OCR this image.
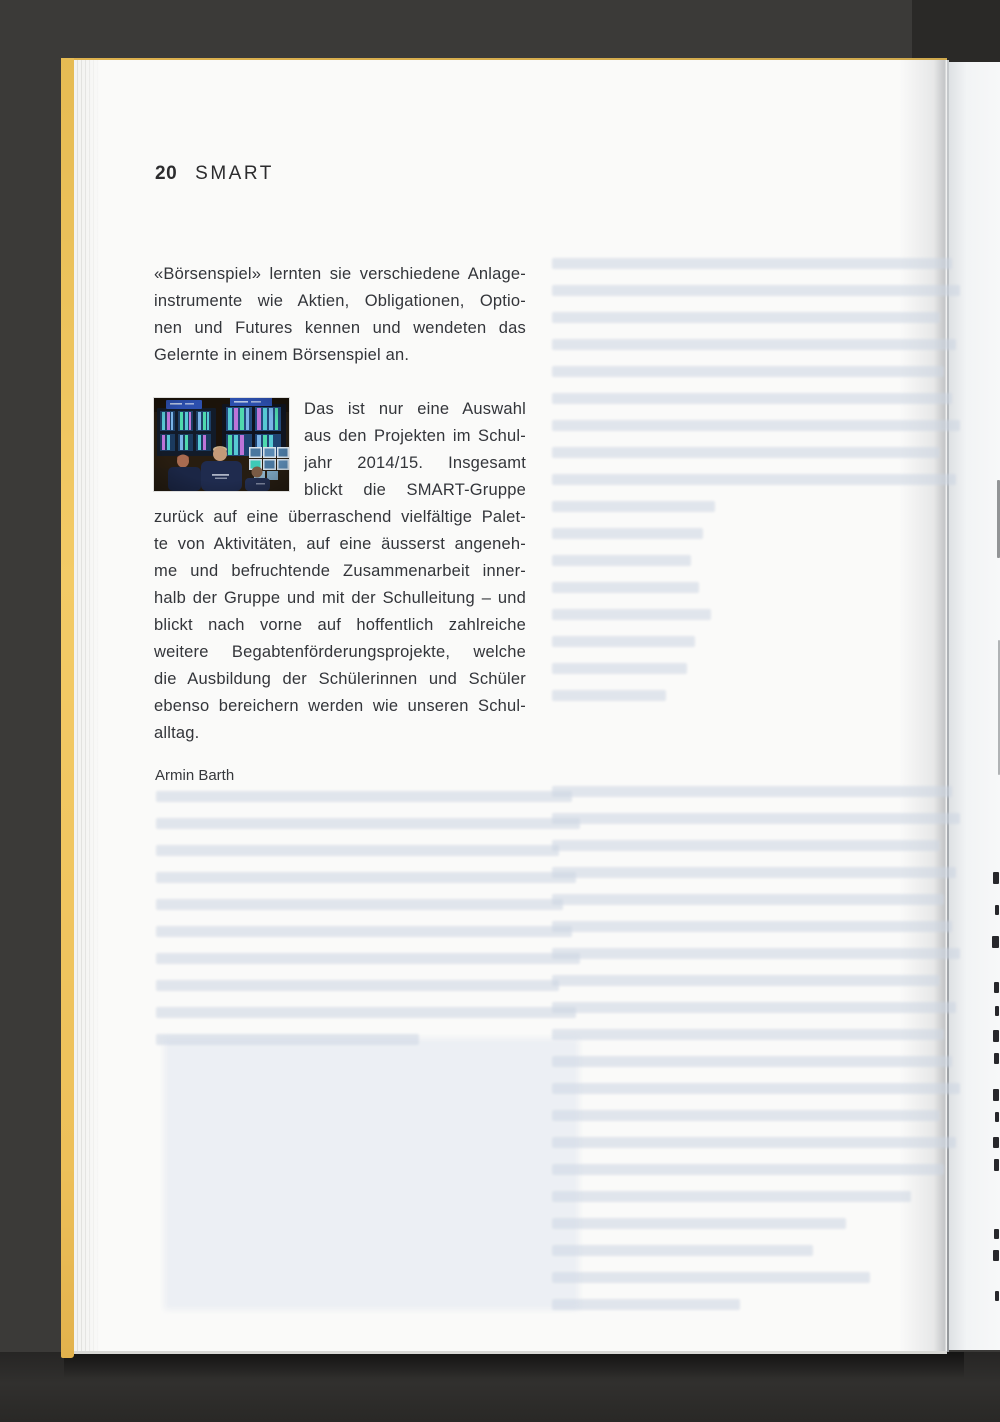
20 SMART
«Börsenspiel» lernten sie verschiedene Anlage-
instrumente wie Aktien, Obligationen, Optio-
nen und Futures kennen und wendeten das
Gelernte in einem Börsenspiel an.
Das ist nur eine Auswahl
aus den Projekten im Schul-
jahr 2014/15. Insgesamt
blickt die SMART-Gruppe
zurück auf eine überraschend vielfältige Palet-
te von Aktivitäten, auf eine äusserst angeneh-
me und befruchtende Zusammenarbeit inner-
halb der Gruppe und mit der Schulleitung – und
blickt nach vorne auf hoffentlich zahlreiche
weitere Begabtenförderungsprojekte, welche
die Ausbildung der Schülerinnen und Schüler
ebenso bereichern werden wie unseren Schul-
alltag.
Armin Barth
